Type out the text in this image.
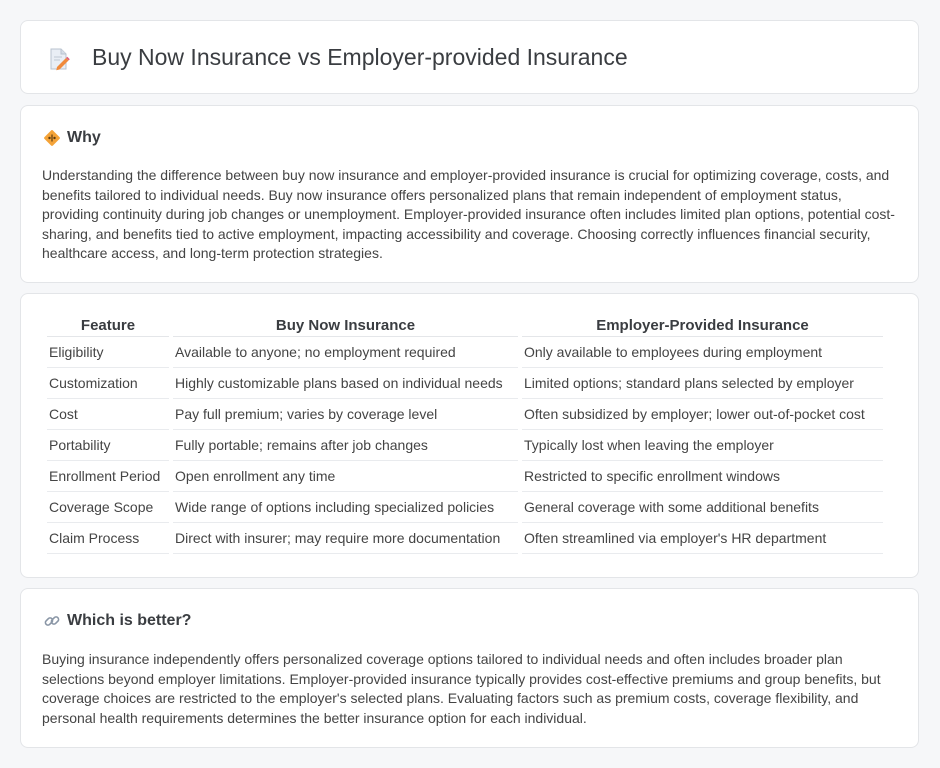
Buy Now Insurance vs Employer-provided Insurance
Why

Understanding the difference between buy now insurance and employer-provided insurance is crucial for optimizing coverage, costs, and benefits tailored to individual needs. Buy now insurance offers personalized plans that remain independent of employment status, providing continuity during job changes or unemployment. Employer-provided insurance often includes limited plan options, potential cost-sharing, and benefits tied to active employment, impacting accessibility and coverage. Choosing correctly influences financial security, healthcare access, and long-term protection strategies.

Feature	Buy Now Insurance	Employer-Provided Insurance
Eligibility	Available to anyone; no employment required	Only available to employees during employment
Customization	Highly customizable plans based on individual needs	Limited options; standard plans selected by employer
Cost	Pay full premium; varies by coverage level	Often subsidized by employer; lower out-of-pocket cost
Portability	Fully portable; remains after job changes	Typically lost when leaving the employer
Enrollment Period	Open enrollment any time	Restricted to specific enrollment windows
Coverage Scope	Wide range of options including specialized policies	General coverage with some additional benefits
Claim Process	Direct with insurer; may require more documentation	Often streamlined via employer's HR department
Which is better?

Buying insurance independently offers personalized coverage options tailored to individual needs and often includes broader plan selections beyond employer limitations. Employer-provided insurance typically provides cost-effective premiums and group benefits, but coverage choices are restricted to the employer's selected plans. Evaluating factors such as premium costs, coverage flexibility, and personal health requirements determines the better insurance option for each individual.
